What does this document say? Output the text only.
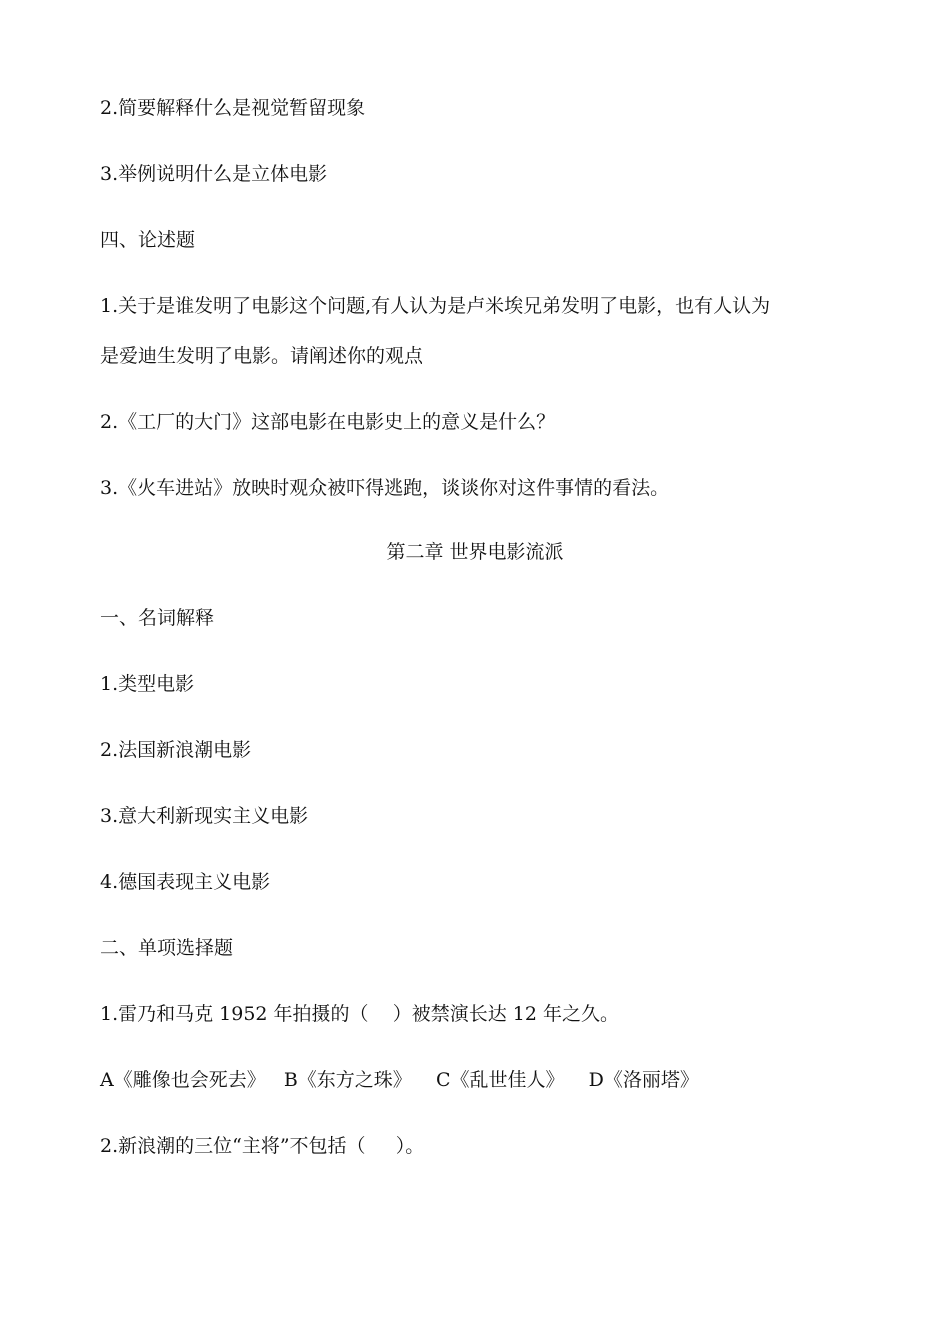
2.简要解释什么是视觉暂留现象
3.举例说明什么是立体电影
四、论述题
1.关于是谁发明了电影这个问题,有人认为是卢米埃兄弟发明了电影，也有人认为
是爱迪生发明了电影。请阐述你的观点
2.《工厂的大门》这部电影在电影史上的意义是什么？
3.《火车进站》放映时观众被吓得逃跑，谈谈你对这件事情的看法。
第二章 世界电影流派
一、名词解释
1.类型电影
2.法国新浪潮电影
3.意大利新现实主义电影
4.德国表现主义电影
二、单项选择题
1.雷乃和马克 1952 年拍摄的（    ）被禁演长达 12 年之久。
A《雕像也会死去》   B《东方之珠》    C《乱世佳人》    D《洛丽塔》
2.新浪潮的三位“主将”不包括（     ）。
